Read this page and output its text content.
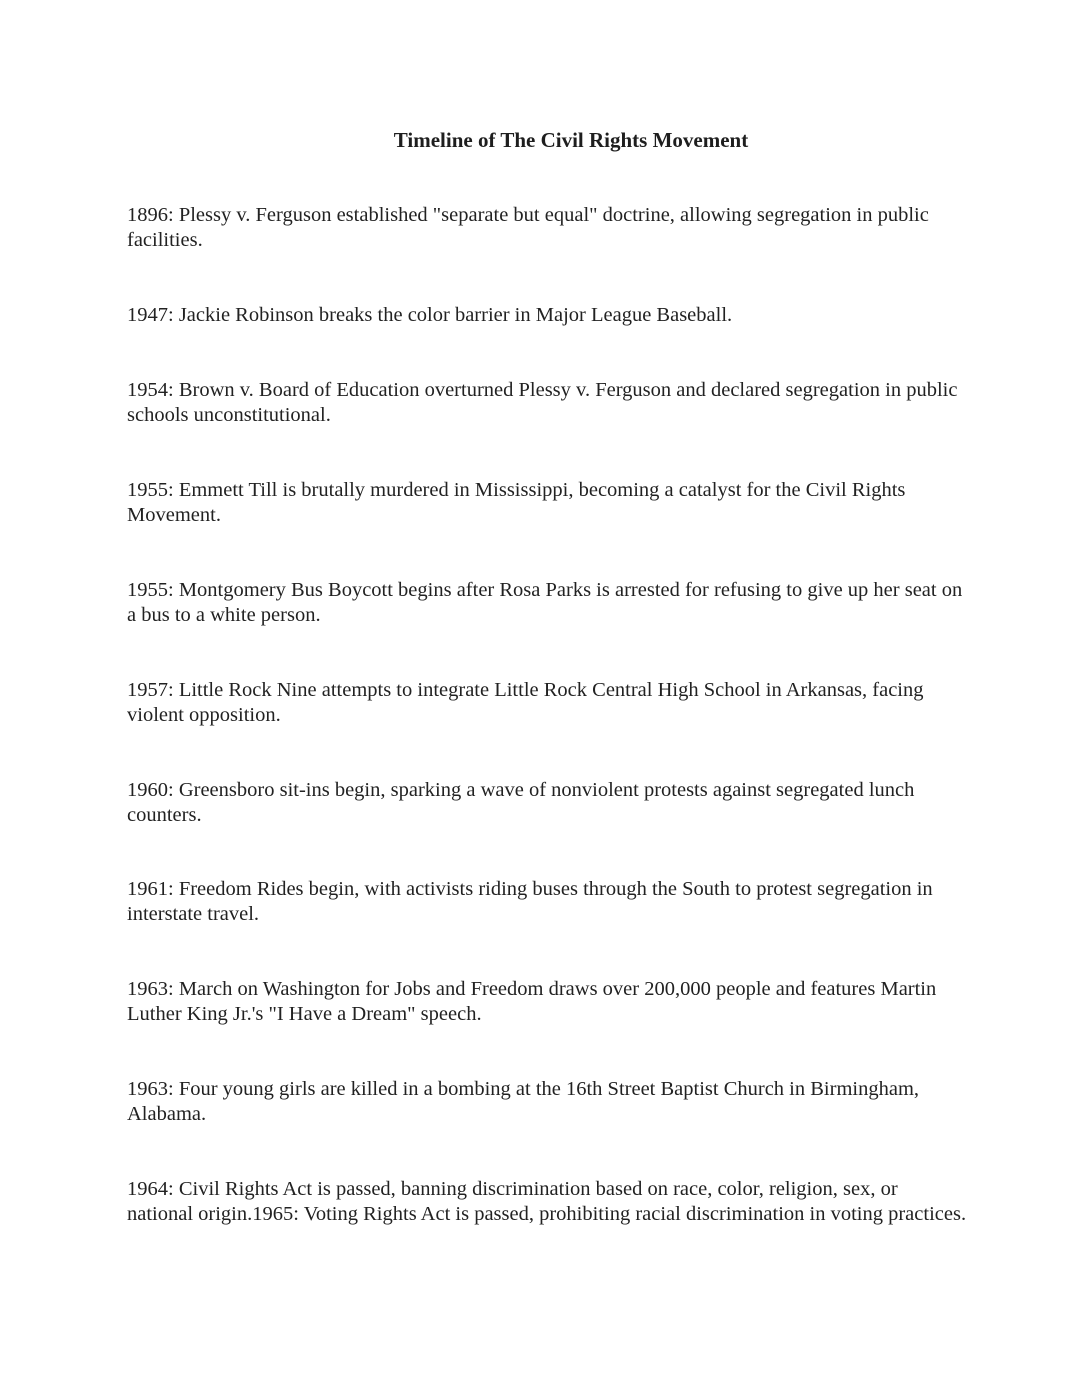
Timeline of The Civil Rights Movement
1896 : Plessy v. Ferguson established "separate but equal" doctrine, allowing segregation in public facilities.
1947 : Jackie Robinson breaks the color barrier in Major League Baseball.
1954 : Brown v. Board of Education overturned Plessy v. Ferguson and declared segregation in public schools unconstitutional.
1955 : Emmett Till is brutally murdered in Mississippi, becoming a catalyst for the Civil Rights Movement.
1955 : Montgomery Bus Boycott begins after Rosa Parks is arrested for refusing to give up her seat on a bus to a white person.
1957 : Little Rock Nine attempts to integrate Little Rock Central High School in Arkansas, facing violent opposition.
1960 : Greensboro sit-ins begin, sparking a wave of nonviolent protests against segregated lunch counters.
1961 : Freedom Rides begin, with activists riding buses through the South to protest segregation in interstate travel.
1963 : March on Washington for Jobs and Freedom draws over 200,000 people and features Martin Luther King Jr.'s "I Have a Dream" speech.
1963 : Four young girls are killed in a bombing at the 16th Street Baptist Church in Birmingham, Alabama.
1964 : Civil Rights Act is passed, banning discrimination based on race, color, religion, sex, or national origin.1965: Voting Rights Act is passed, prohibiting racial discrimination in voting practices.
